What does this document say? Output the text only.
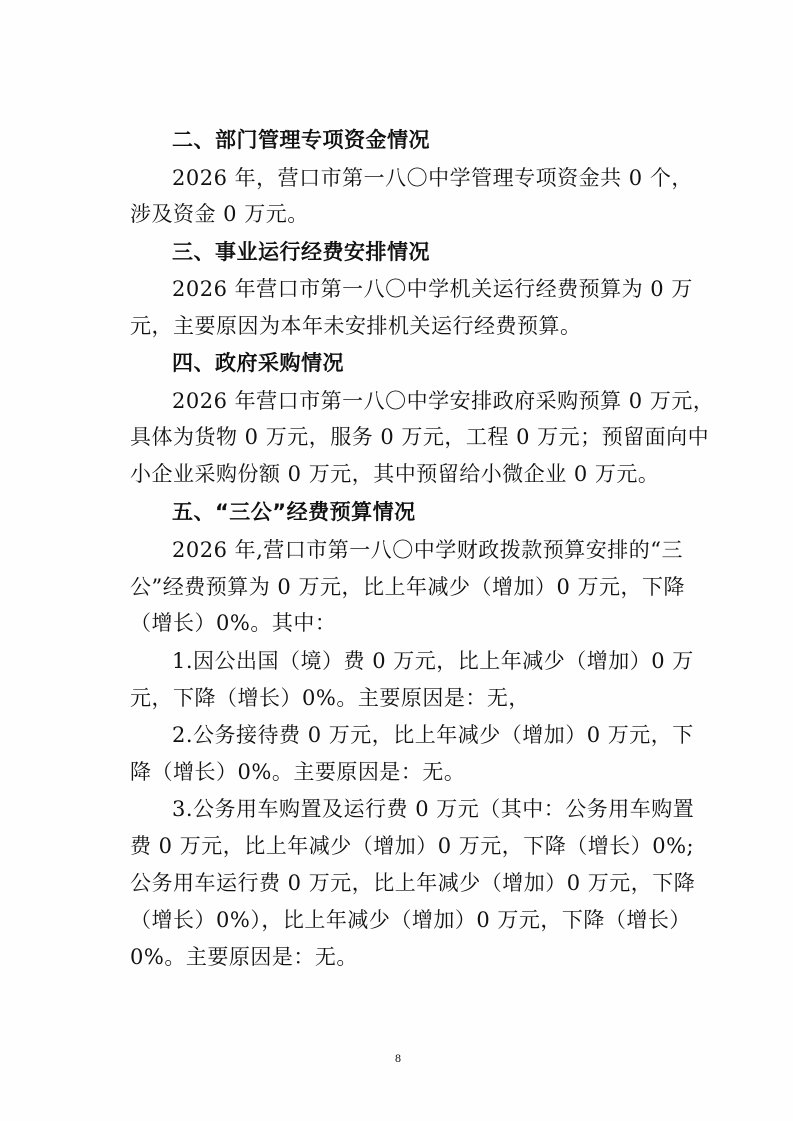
二、部门管理专项资金情况
2026 年，营口市第一八〇中学管理专项资金共 0 个，
涉及资金 0 万元。
三、事业运行经费安排情况
2026 年营口市第一八〇中学机关运行经费预算为 0 万
元，主要原因为本年未安排机关运行经费预算。
四、政府采购情况
2026 年营口市第一八〇中学安排政府采购预算 0 万元，
具体为货物 0 万元，服务 0 万元，工程 0 万元；预留面向中
小企业采购份额 0 万元，其中预留给小微企业 0 万元。
五、“三公”经费预算情况
2026 年,营口市第一八〇中学财政拨款预算安排的“三
公”经费预算为 0 万元，比上年减少（增加）0 万元，下降
（增长）0%。其中：
1.因公出国（境）费 0 万元，比上年减少（增加）0 万
元，下降（增长）0%。主要原因是：无，
2.公务接待费 0 万元，比上年减少（增加）0 万元，下
降（增长）0%。主要原因是：无。
3.公务用车购置及运行费 0 万元（其中：公务用车购置
费 0 万元，比上年减少（增加）0 万元，下降（增长）0%;
公务用车运行费 0 万元，比上年减少（增加）0 万元，下降
（增长）0%），比上年减少（增加）0 万元，下降（增长）
0%。主要原因是：无。
8
